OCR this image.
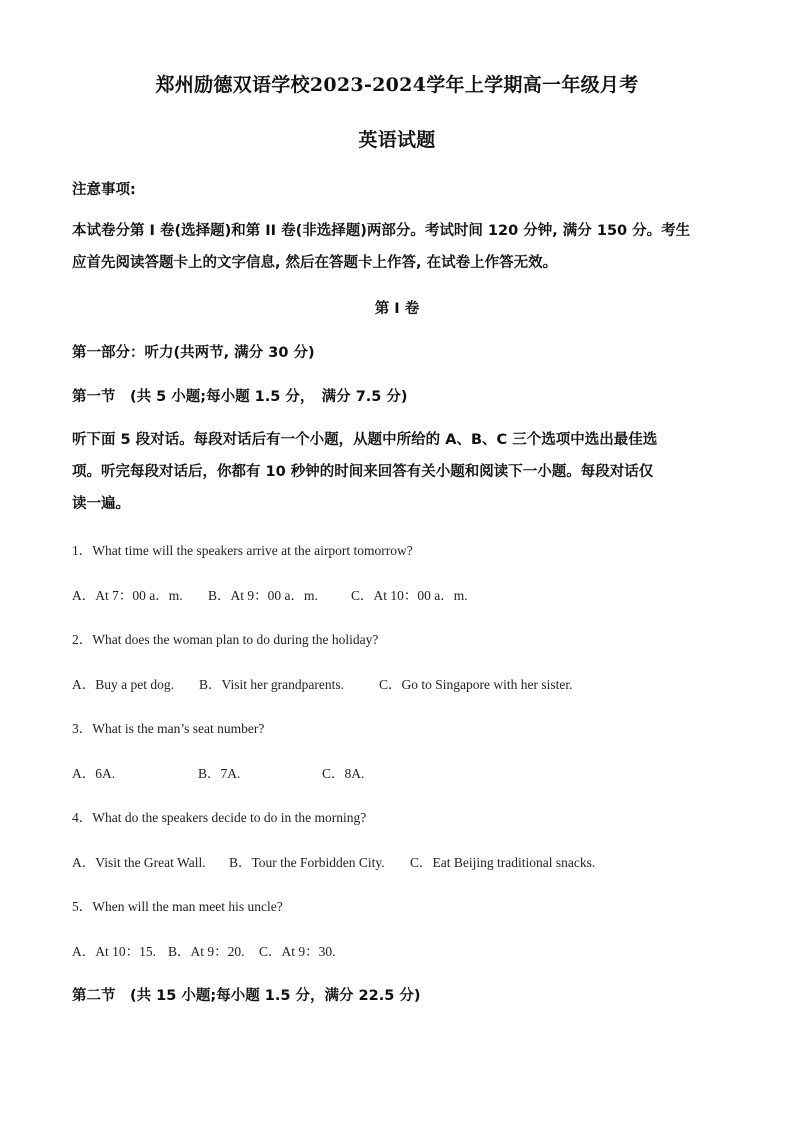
郑州励德双语学校2023-2024学年上学期高一年级月考
英语试题
注意事项:
本试卷分第 I 卷(选择题)和第 II 卷(非选择题)两部分。考试时间 120 分钟, 满分 150 分。考生
应首先阅读答题卡上的文字信息, 然后在答题卡上作答, 在试卷上作答无效。
第 I 卷
第一部分：听力(共两节, 满分 30 分)
第一节　(共 5 小题;每小题 1.5 分，　满分 7.5 分)
听下面 5 段对话。每段对话后有一个小题，从题中所给的 A、B、C 三个选项中选出最佳选
项。听完每段对话后，你都有 10 秒钟的时间来回答有关小题和阅读下一小题。每段对话仅
读一遍。
1．What time will the speakers arrive at the airport tomorrow?
A．At 7：00 a．m. B．At 9：00 a．m. C．At 10：00 a．m.
2．What does the woman plan to do during the holiday?
A．Buy a pet dog. B．Visit her grandparents.	C．Go to Singapore with her sister.
3．What is the man’s seat number?
A．6A.	B．7A.	C．8A.
4．What do the speakers decide to do in the morning?
A．Visit the Great Wall. B．Tour the Forbidden City. C．Eat Beijing traditional snacks.
5．When will the man meet his uncle?
A．At 10：15. B．At 9：20. C．At 9：30.
第二节　(共 15 小题;每小题 1.5 分，满分 22.5 分)
